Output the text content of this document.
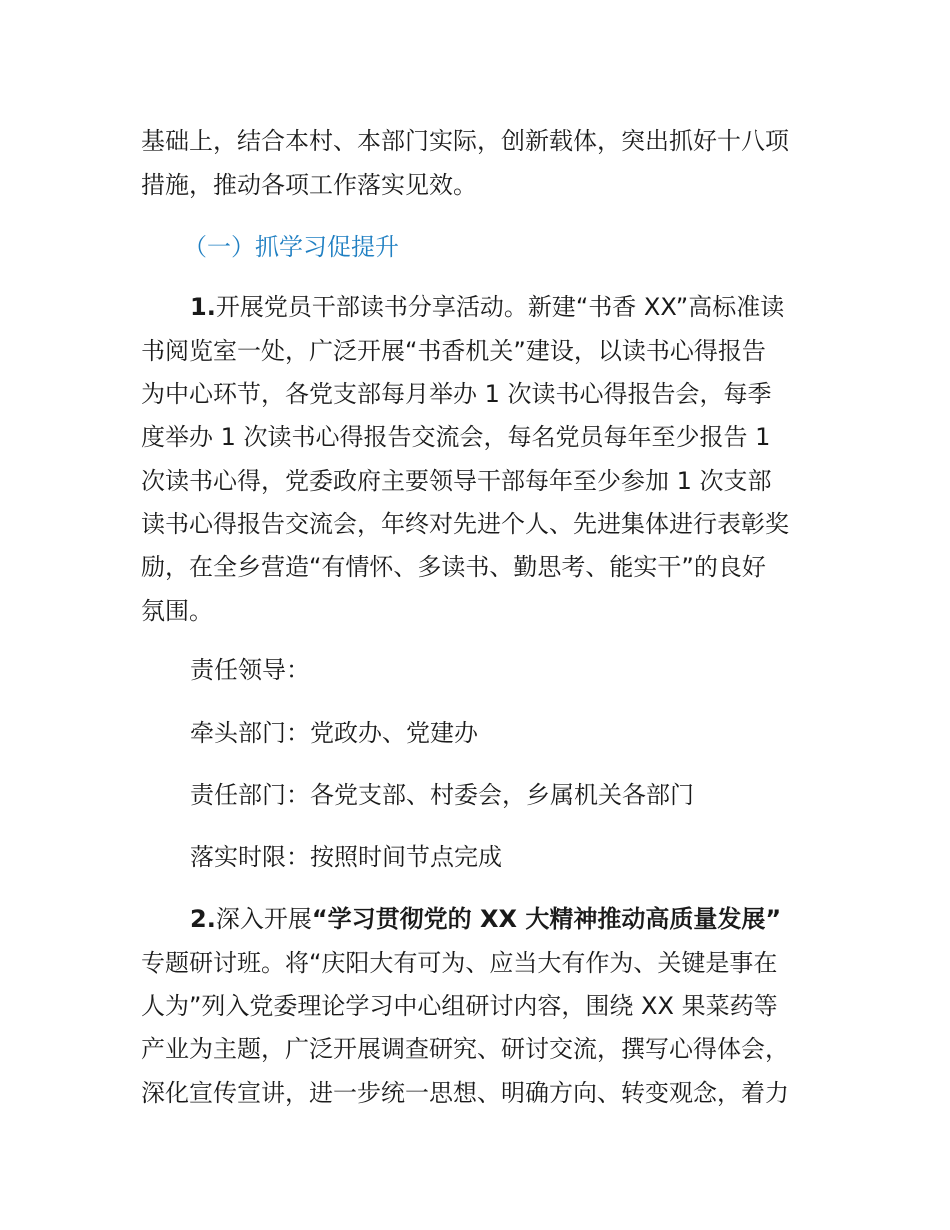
基础上，结合本村、本部门实际，创新载体，突出抓好十八项
措施，推动各项工作落实见效。
（一）抓学习促提升
1.开展党员干部读书分享活动。新建“书香 XX”高标准读
书阅览室一处，广泛开展“书香机关”建设，以读书心得报告
为中心环节，各党支部每月举办 1 次读书心得报告会，每季
度举办 1 次读书心得报告交流会，每名党员每年至少报告 1
次读书心得，党委政府主要领导干部每年至少参加 1 次支部
读书心得报告交流会，年终对先进个人、先进集体进行表彰奖
励，在全乡营造“有情怀、多读书、勤思考、能实干”的良好
氛围。
责任领导：
牵头部门：党政办、党建办
责任部门：各党支部、村委会，乡属机关各部门
落实时限：按照时间节点完成
2.深入开展“学习贯彻党的 XX 大精神推动高质量发展”
专题研讨班。将“庆阳大有可为、应当大有作为、关键是事在
人为”列入党委理论学习中心组研讨内容，围绕 XX 果菜药等
产业为主题，广泛开展调查研究、研讨交流，撰写心得体会，
深化宣传宣讲，进一步统一思想、明确方向、转变观念，着力
